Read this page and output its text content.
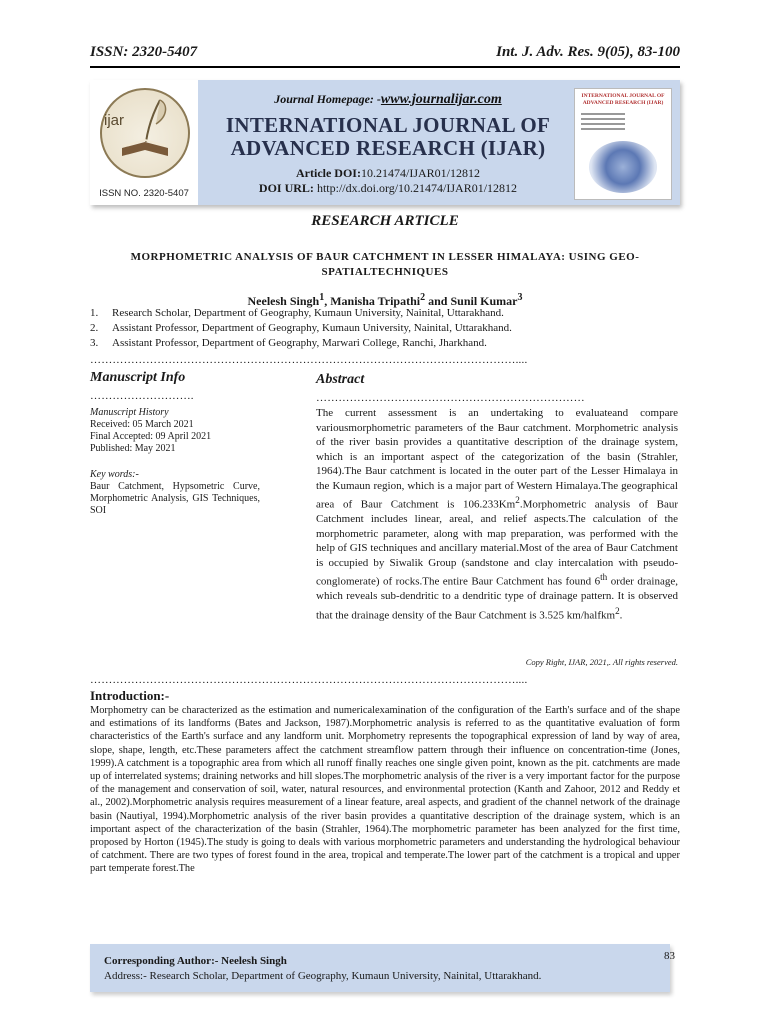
ISSN: 2320-5407	Int. J. Adv. Res. 9(05), 83-100
ijar
ISSN NO. 2320-5407
Journal Homepage: -www.journalijar.com
INTERNATIONAL JOURNAL OF
ADVANCED RESEARCH (IJAR)
Article DOI:10.21474/IJAR01/12812
DOI URL: http://dx.doi.org/10.21474/IJAR01/12812
INTERNATIONAL JOURNAL OF ADVANCED RESEARCH (IJAR)
RESEARCH ARTICLE
MORPHOMETRIC ANALYSIS OF BAUR CATCHMENT IN LESSER HIMALAYA: USING GEO-
SPATIALTECHNIQUES
Neelesh Singh$^1$, Manisha Tripathi$^2$ and Sunil Kumar$^3$
1.	Research Scholar, Department of Geography, Kumaun University, Nainital, Uttarakhand.
2.	Assistant Professor, Department of Geography, Kumaun University, Nainital, Uttarakhand.
3.	Assistant Professor, Department of Geography, Marwari College, Ranchi, Jharkhand.
……………………………………………………………………………………………………....
Manuscript Info
……………………….
Manuscript History
Received: 05 March 2021
Final Accepted: 09 April 2021
Published: May 2021
Key words:-
Baur Catchment, Hypsometric Curve, Morphometric Analysis, GIS Techniques, SOI
Abstract
………………………………………………………………
The current assessment is an undertaking to evaluateand compare variousmorphometric parameters of the Baur catchment. Morphometric analysis of the river basin provides a quantitative description of the drainage system, which is an important aspect of the categorization of the basin (Strahler, 1964).The Baur catchment is located in the outer part of the Lesser Himalaya in the Kumaun region, which is a major part of Western Himalaya.The geographical area of Baur Catchment is 106.233Km$^2$.Morphometric analysis of Baur Catchment includes linear, areal, and relief aspects.The calculation of the morphometric parameter, along with map preparation, was performed with the help of GIS techniques and ancillary material.Most of the area of Baur Catchment is occupied by Siwalik Group (sandstone and clay intercalation with pseudo-conglomerate) of rocks.The entire Baur Catchment has found 6th order drainage, which reveals sub-dendritic to a dendritic type of drainage pattern. It is observed that the drainage density of the Baur Catchment is 3.525 km/halfkm$^2$.
Copy Right, IJAR, 2021,. All rights reserved.
……………………………………………………………………………………………………....
Introduction:-
Morphometry can be characterized as the estimation and numericalexamination of the configuration of the Earth's surface and of the shape and estimations of its landforms (Bates and Jackson, 1987).Morphometric analysis is referred to as the quantitative evaluation of form characteristics of the Earth's surface and any landform unit. Morphometry represents the topographical expression of land by way of area, slope, shape, length, etc.These parameters affect the catchment streamflow pattern through their influence on concentration-time (Jones, 1999).A catchment is a topographic area from which all runoff finally reaches one single given point, known as the pit. catchments are made up of interrelated systems; draining networks and hill slopes.The morphometric analysis of the river is a very important factor for the purpose of the management and conservation of soil, water, natural resources, and environmental protection (Kanth and Zahoor, 2012 and Reddy et al., 2002).Morphometric analysis requires measurement of a linear feature, areal aspects, and gradient of the channel network of the drainage basin (Nautiyal, 1994).Morphometric analysis of the river basin provides a quantitative description of the drainage system, which is an important aspect of the characterization of the basin (Strahler, 1964).The morphometric parameter has been analyzed for the first time, proposed by Horton (1945).The study is going to deals with various morphometric parameters and understanding the hydrological behaviour of catchment. There are two types of forest found in the area, tropical and temperate.The lower part of the catchment is a tropical and upper part temperate forest.The
Corresponding Author:- Neelesh Singh
Address:- Research Scholar, Department of Geography, Kumaun University, Nainital, Uttarakhand.
83
